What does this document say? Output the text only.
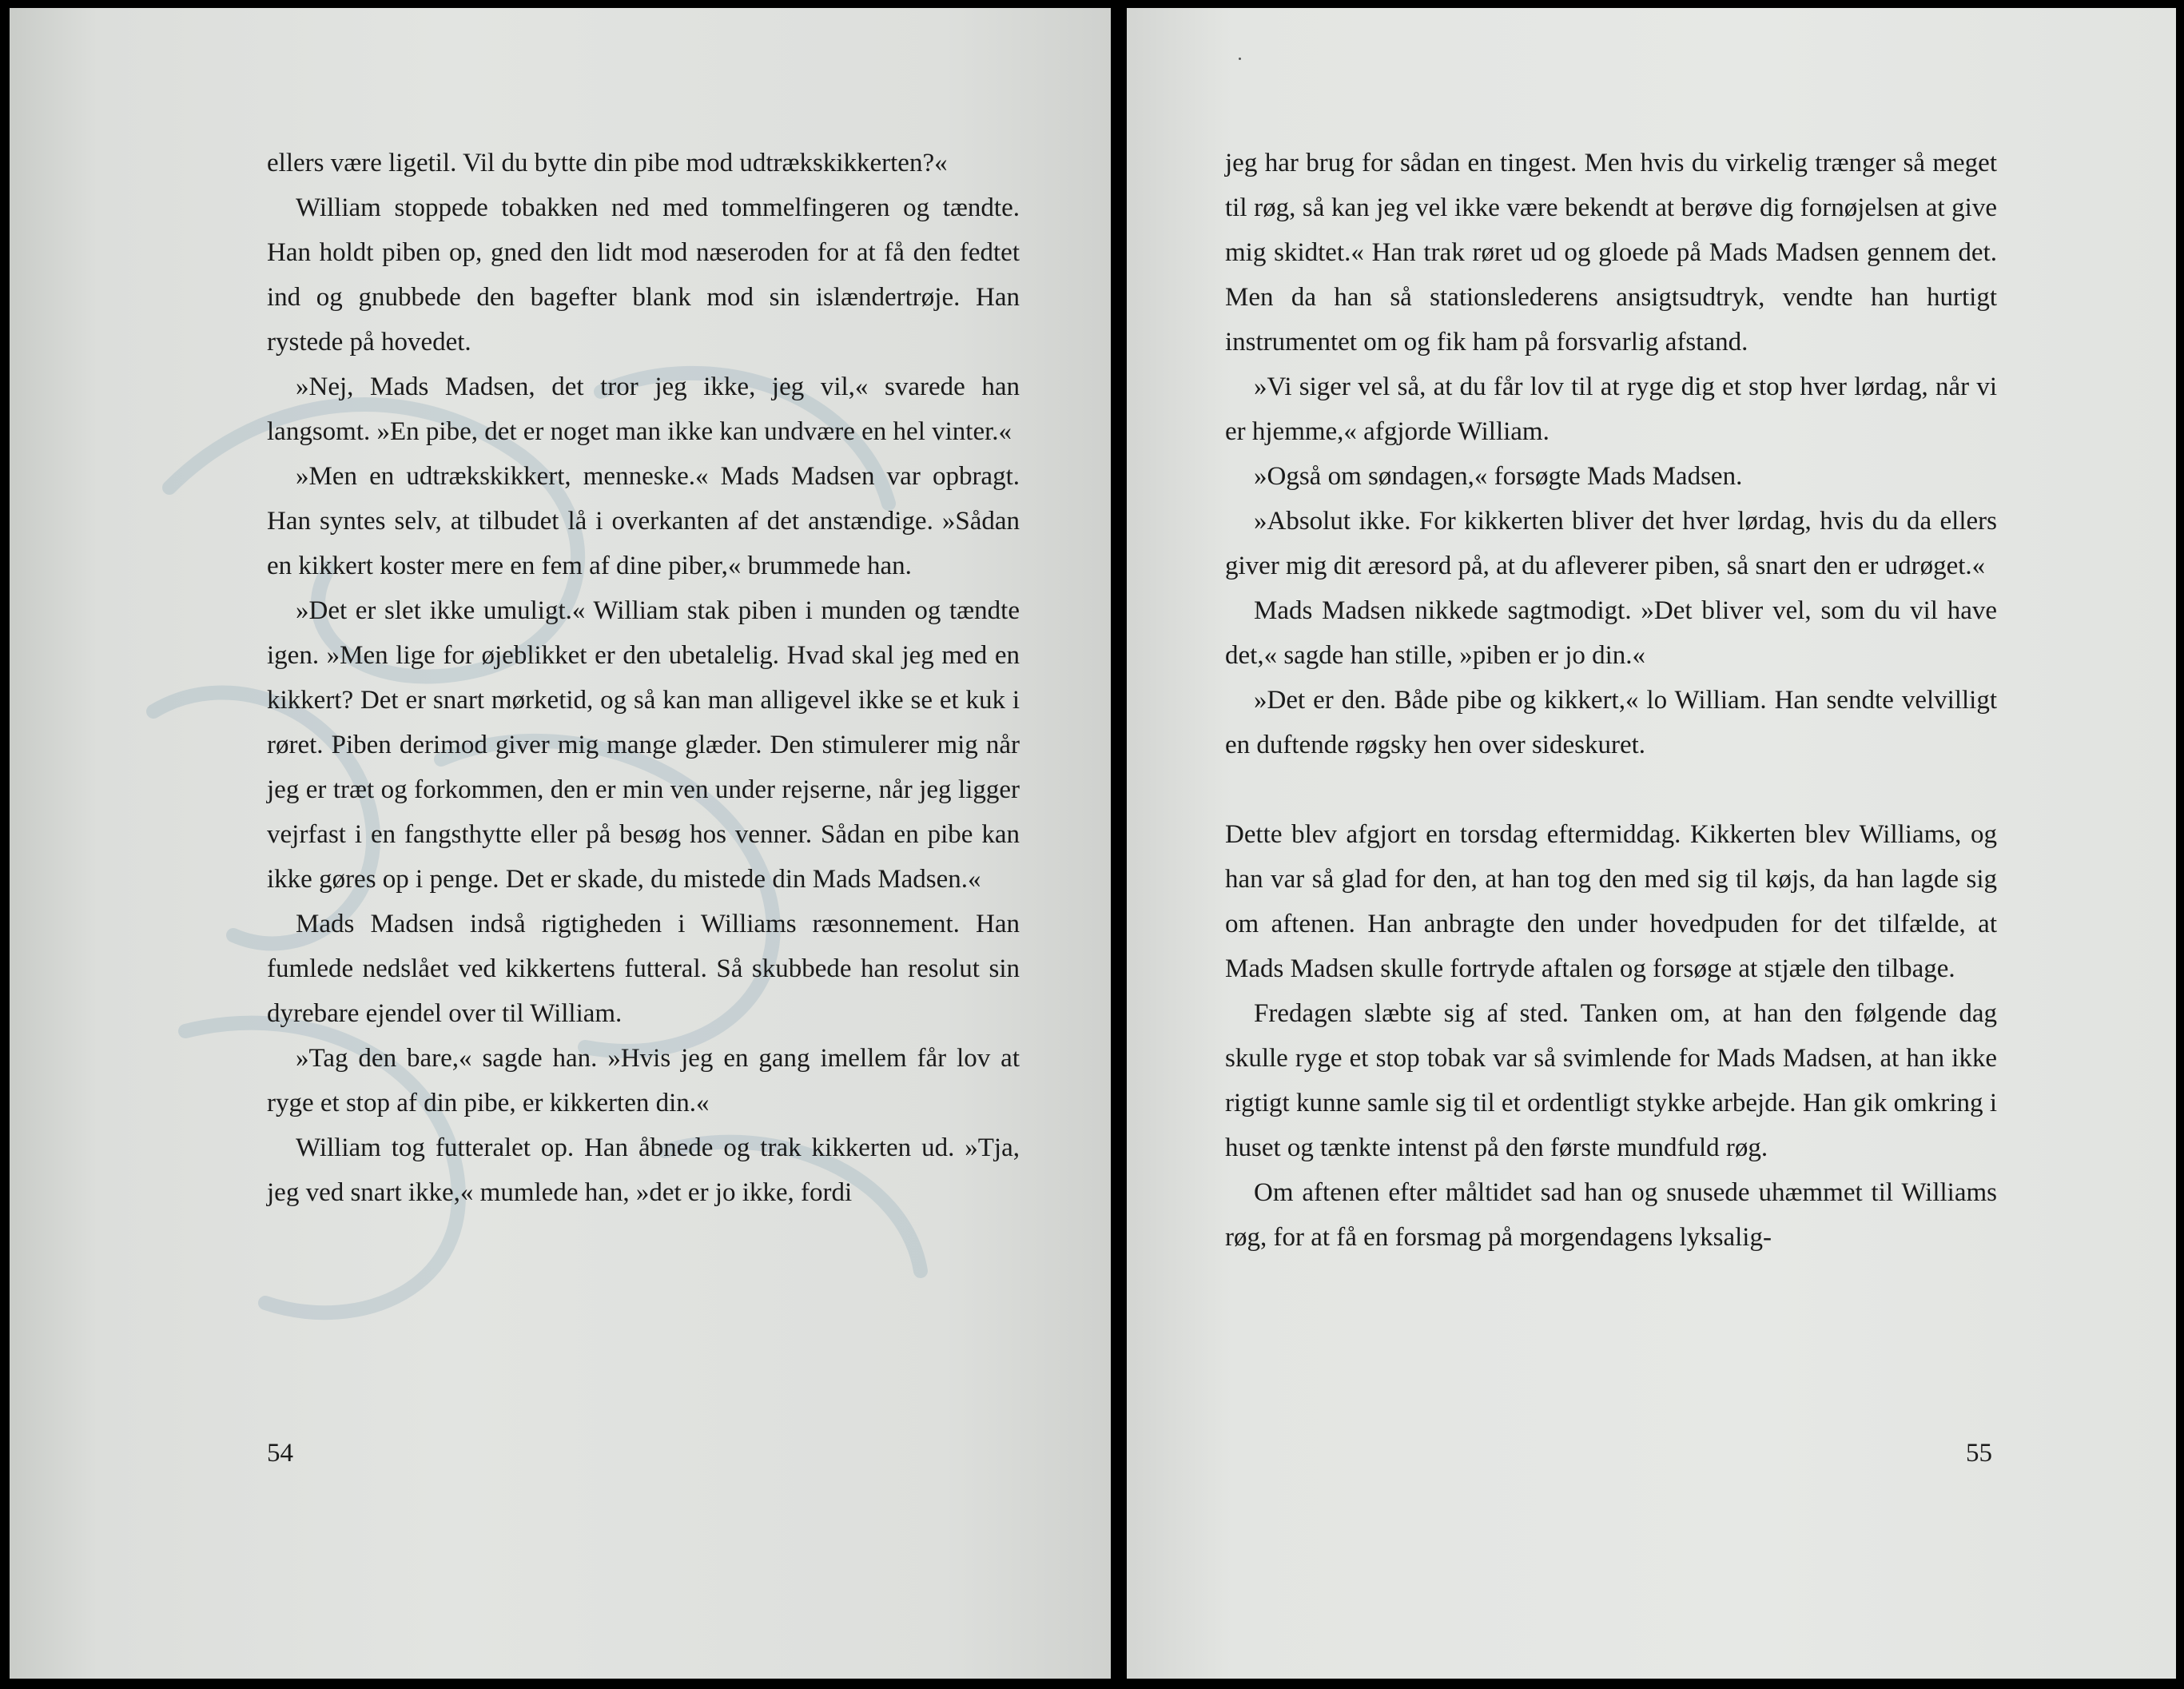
ellers være ligetil. Vil du bytte din pibe mod udtrækskikkerten?«

William stoppede tobakken ned med tommelfingeren og tændte. Han holdt piben op, gned den lidt mod næseroden for at få den fedtet ind og gnubbede den bagefter blank mod sin islændertrøje. Han rystede på hovedet.

»Nej, Mads Madsen, det tror jeg ikke, jeg vil,« svarede han langsomt. »En pibe, det er noget man ikke kan undvære en hel vinter.«

»Men en udtrækskikkert, menneske.« Mads Madsen var opbragt. Han syntes selv, at tilbudet lå i overkanten af det anstændige. »Sådan en kikkert koster mere en fem af dine piber,« brummede han.

»Det er slet ikke umuligt.« William stak piben i munden og tændte igen. »Men lige for øjeblikket er den ubetalelig. Hvad skal jeg med en kikkert? Det er snart mørketid, og så kan man alligevel ikke se et kuk i røret. Piben derimod giver mig mange glæder. Den stimulerer mig når jeg er træt og forkommen, den er min ven under rejserne, når jeg ligger vejrfast i en fangsthytte eller på besøg hos venner. Sådan en pibe kan ikke gøres op i penge. Det er skade, du mistede din Mads Madsen.«

Mads Madsen indså rigtigheden i Williams ræsonnement. Han fumlede nedslået ved kikkertens futteral. Så skubbede han resolut sin dyrebare ejendel over til William.

»Tag den bare,« sagde han. »Hvis jeg en gang imellem får lov at ryge et stop af din pibe, er kikkerten din.«

William tog futteralet op. Han åbnede og trak kikkerten ud. »Tja, jeg ved snart ikke,« mumlede han, »det er jo ikke, fordi

54

jeg har brug for sådan en tingest. Men hvis du virkelig trænger så meget til røg, så kan jeg vel ikke være bekendt at berøve dig fornøjelsen at give mig skidtet.« Han trak røret ud og gloede på Mads Madsen gennem det. Men da han så stationslederens ansigtsudtryk, vendte han hurtigt instrumentet om og fik ham på forsvarlig afstand.

»Vi siger vel så, at du får lov til at ryge dig et stop hver lørdag, når vi er hjemme,« afgjorde William.

»Også om søndagen,« forsøgte Mads Madsen.

»Absolut ikke. For kikkerten bliver det hver lørdag, hvis du da ellers giver mig dit æresord på, at du afleverer piben, så snart den er udrøget.«

Mads Madsen nikkede sagtmodigt. »Det bliver vel, som du vil have det,« sagde han stille, »piben er jo din.«

»Det er den. Både pibe og kikkert,« lo William. Han sendte velvilligt en duftende røgsky hen over sideskuret.

Dette blev afgjort en torsdag eftermiddag. Kikkerten blev Williams, og han var så glad for den, at han tog den med sig til køjs, da han lagde sig om aftenen. Han anbragte den under hovedpuden for det tilfælde, at Mads Madsen skulle fortryde aftalen og forsøge at stjæle den tilbage.

Fredagen slæbte sig af sted. Tanken om, at han den følgende dag skulle ryge et stop tobak var så svimlende for Mads Madsen, at han ikke rigtigt kunne samle sig til et ordentligt stykke arbejde. Han gik omkring i huset og tænkte intenst på den første mundfuld røg.

Om aftenen efter måltidet sad han og snusede uhæmmet til Williams røg, for at få en forsmag på morgendagens lyksalig-

55
